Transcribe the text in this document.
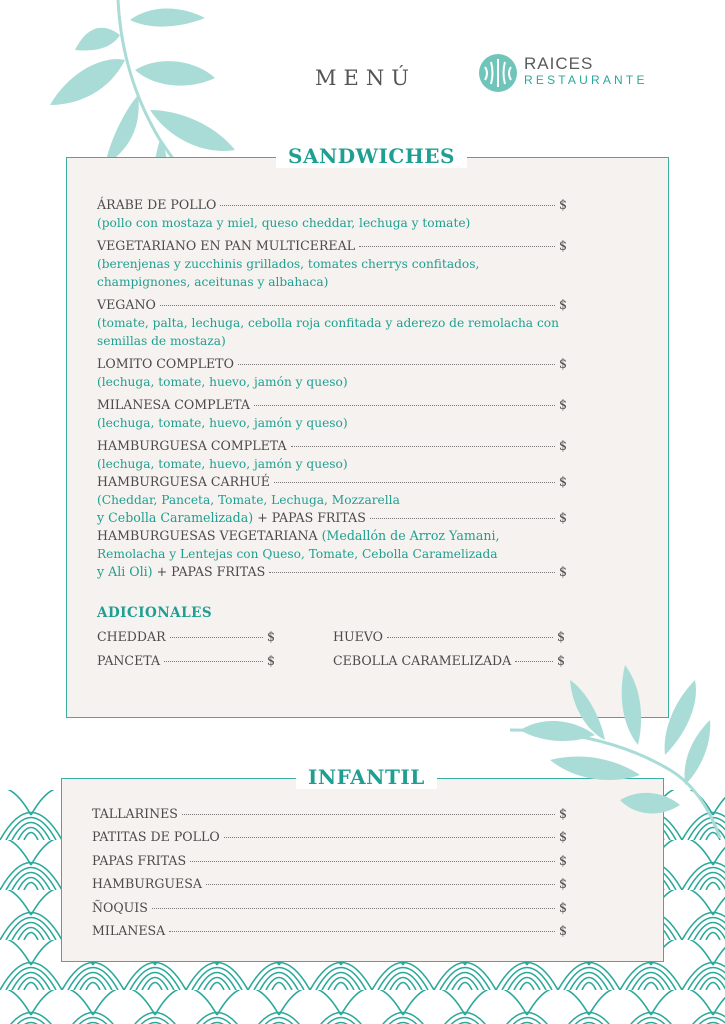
MENÚ
RAICES
RESTAURANTE
SANDWICHES
ÁRABE DE POLLO	$
(pollo con mostaza y miel, queso cheddar, lechuga y tomate)
VEGETARIANO EN PAN MULTICEREAL	$
(berenjenas y zucchinis grillados, tomates cherrys confitados, champignones, aceitunas y albahaca)
VEGANO	$
(tomate, palta, lechuga, cebolla roja confitada y aderezo de remolacha con semillas de mostaza)
LOMITO COMPLETO	$
(lechuga, tomate, huevo, jamón y queso)
MILANESA COMPLETA	$
(lechuga, tomate, huevo, jamón y queso)
HAMBURGUESA COMPLETA	$
(lechuga, tomate, huevo, jamón y queso)
HAMBURGUESA CARHUÉ	$
(Cheddar, Panceta, Tomate, Lechuga, Mozzarella
y Cebolla Caramelizada) + PAPAS FRITAS	$
HAMBURGUESAS VEGETARIANA (Medallón de Arroz Yamani,
Remolacha y Lentejas con Queso, Tomate, Cebolla Caramelizada
y Ali Oli) + PAPAS FRITAS	$
ADICIONALES
CHEDDAR	$
PANCETA	$
HUEVO	$
CEBOLLA CARAMELIZADA	$
INFANTIL
TALLARINES	$
PATITAS DE POLLO	$
PAPAS FRITAS	$
HAMBURGUESA	$
ÑOQUIS	$
MILANESA	$
